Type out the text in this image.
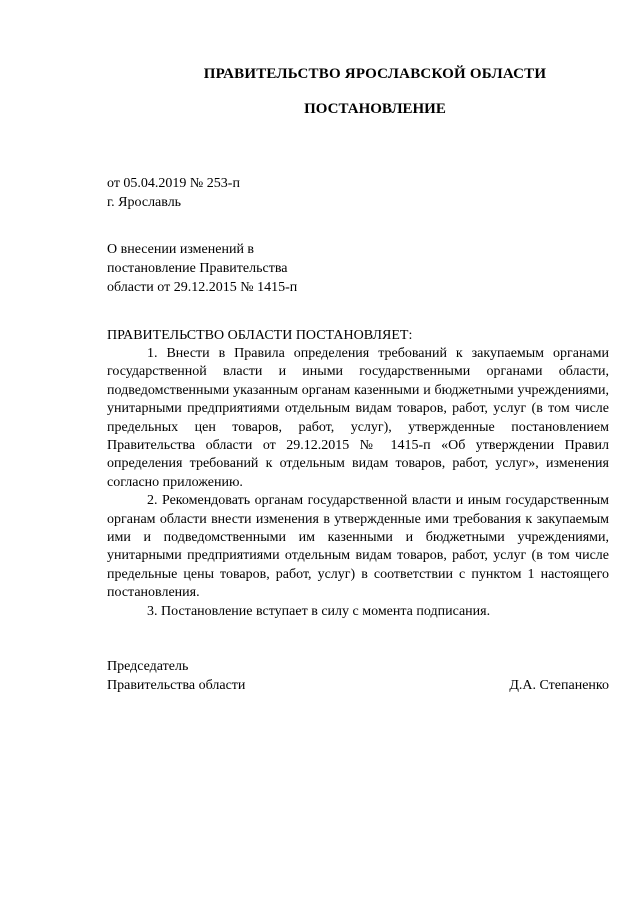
ПРАВИТЕЛЬСТВО ЯРОСЛАВСКОЙ ОБЛАСТИ
ПОСТАНОВЛЕНИЕ
от 05.04.2019 № 253-п
г. Ярославль
О внесении изменений в
постановление Правительства
области от 29.12.2015 № 1415-п
ПРАВИТЕЛЬСТВО ОБЛАСТИ ПОСТАНОВЛЯЕТ:

1. Внести в Правила определения требований к закупаемым органами государственной власти и иными государственными органами области, подведомственными указанным органам казенными и бюджетными учреждениями, унитарными предприятиями отдельным видам товаров, работ, услуг (в том числе предельных цен товаров, работ, услуг), утвержденные постановлением Правительства области от 29.12.2015 № 1415-п «Об утверждении Правил определения требований к отдельным видам товаров, работ, услуг», изменения согласно приложению.

2. Рекомендовать органам государственной власти и иным государственным органам области внести изменения в утвержденные ими требования к закупаемым ими и подведомственными им казенными и бюджетными учреждениями, унитарными предприятиями отдельным видам товаров, работ, услуг (в том числе предельные цены товаров, работ, услуг) в соответствии с пунктом 1 настоящего постановления.

3. Постановление вступает в силу с момента подписания.

Председатель
Правительства области	Д.А. Степаненко
